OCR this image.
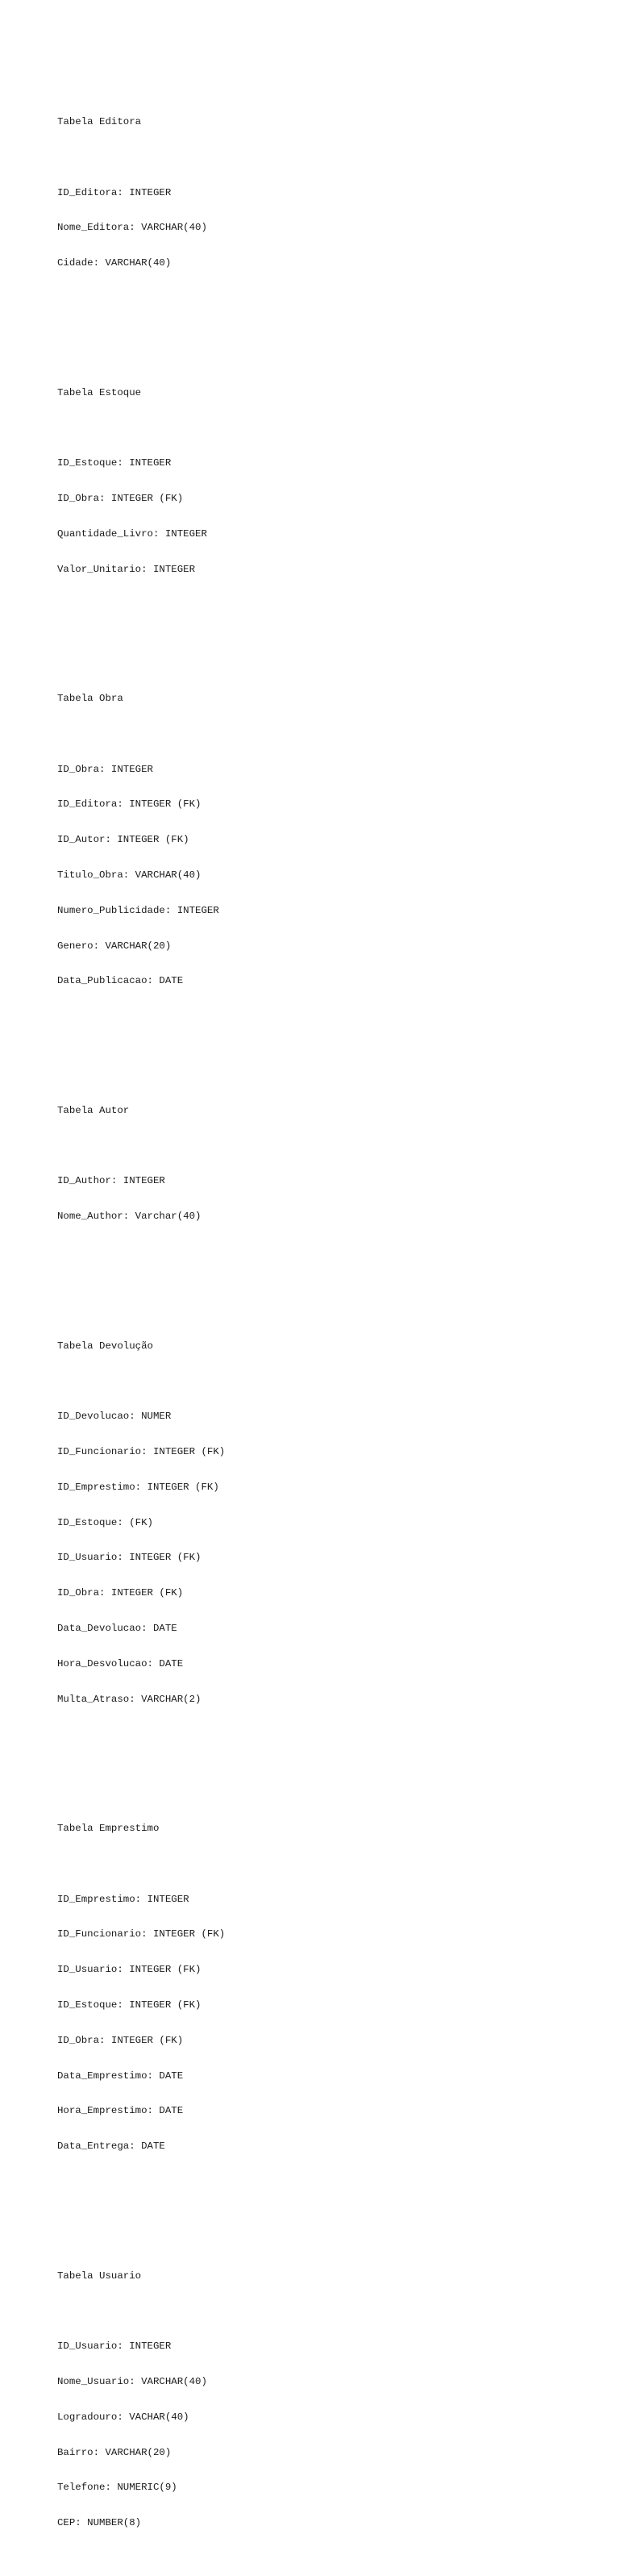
Tabela Editora

ID_Editora: INTEGER

Nome_Editora: VARCHAR(40)

Cidade: VARCHAR(40)

Tabela Estoque

ID_Estoque: INTEGER

ID_Obra: INTEGER (FK)

Quantidade_Livro: INTEGER

Valor_Unitario: INTEGER

Tabela Obra

ID_Obra: INTEGER

ID_Editora: INTEGER (FK)

ID_Autor: INTEGER (FK)

Titulo_Obra: VARCHAR(40)

Numero_Publicidade: INTEGER

Genero: VARCHAR(20)

Data_Publicacao: DATE

Tabela Autor

ID_Author: INTEGER

Nome_Author: Varchar(40)

Tabela Devolução

ID_Devolucao: NUMER

ID_Funcionario: INTEGER (FK)

ID_Emprestimo: INTEGER (FK)

ID_Estoque: (FK)

ID_Usuario: INTEGER (FK)

ID_Obra: INTEGER (FK)

Data_Devolucao: DATE

Hora_Desvolucao: DATE

Multa_Atraso: VARCHAR(2)

Tabela Emprestimo

ID_Emprestimo: INTEGER

ID_Funcionario: INTEGER (FK)

ID_Usuario: INTEGER (FK)

ID_Estoque: INTEGER (FK)

ID_Obra: INTEGER (FK)

Data_Emprestimo: DATE

Hora_Emprestimo: DATE

Data_Entrega: DATE

Tabela Usuario

ID_Usuario: INTEGER

Nome_Usuario: VARCHAR(40)

Logradouro: VACHAR(40)

Bairro: VARCHAR(20)

Telefone: NUMERIC(9)

CEP: NUMBER(8)
